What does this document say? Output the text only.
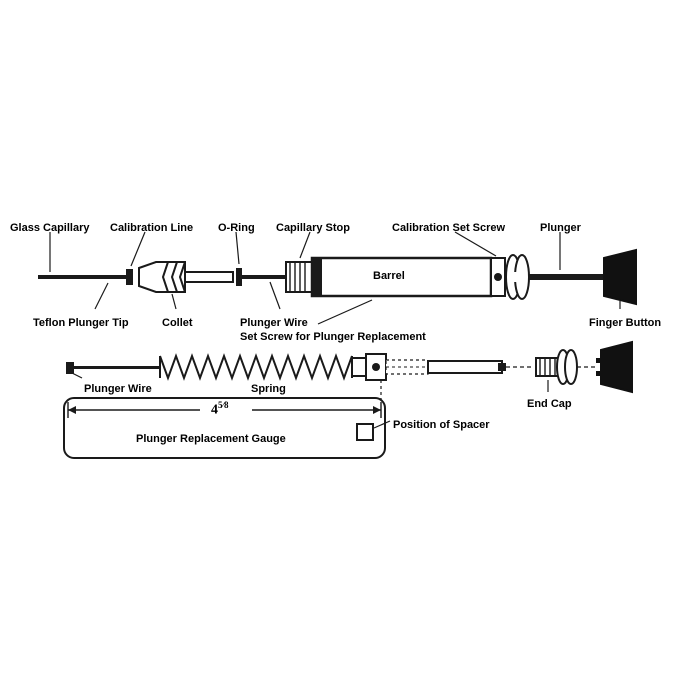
Glass Capillary Calibration Line O-Ring Capillary Stop	Calibration Set Screw	Plunger
Barrel
Teflon Plunger Tip	Collet	Plunger Wire
Set Screw for Plunger Replacement
Finger Button
Plunger Wire	Spring
End Cap
Position of Spacer
Plunger Replacement Gauge
$4^{5⁄8}$
